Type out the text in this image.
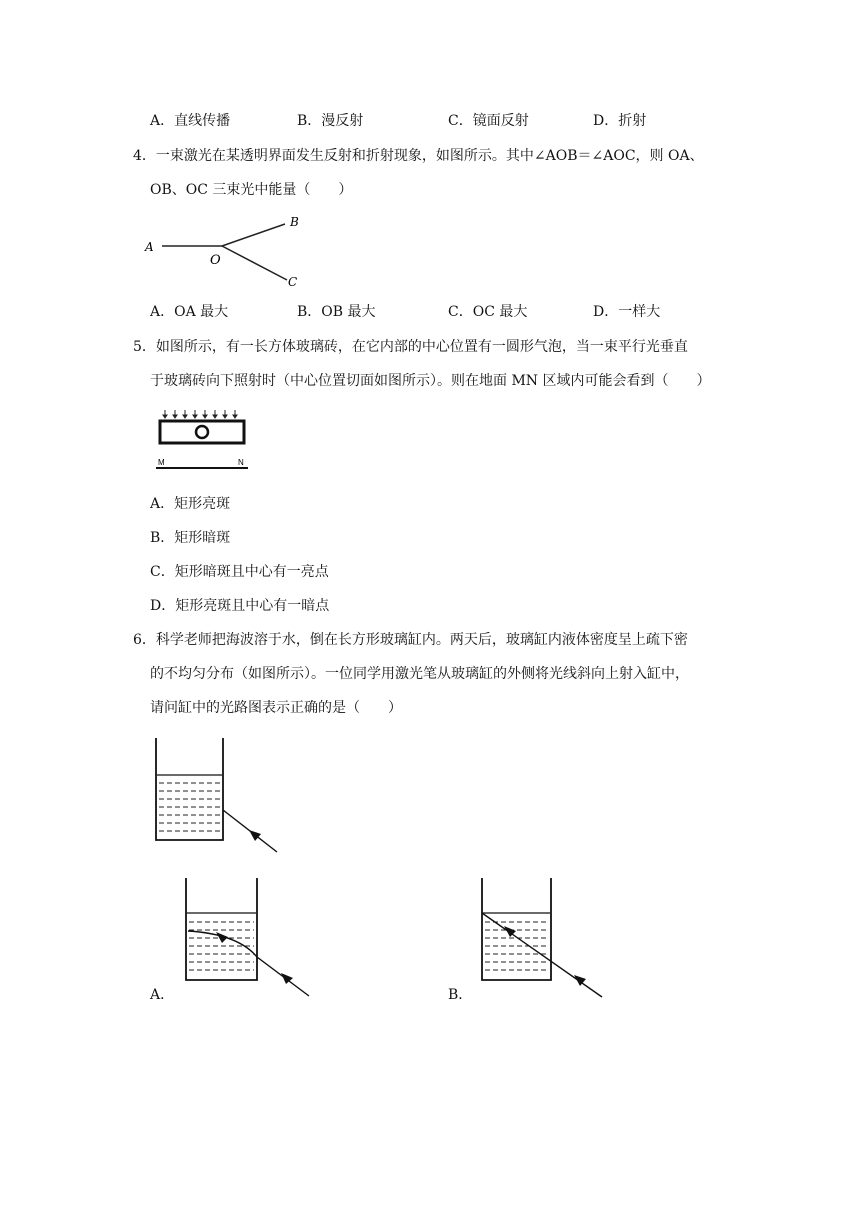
A．直线传播	B．漫反射	C．镜面反射	D．折射
4．一束激光在某透明界面发生反射和折射现象，如图所示。其中∠AOB＝∠AOC，则 OA、
OB、OC 三束光中能量（　　）
A
O
B
C
A．OA 最大	B．OB 最大	C．OC 最大	D．一样大
5．如图所示，有一长方体玻璃砖，在它内部的中心位置有一圆形气泡，当一束平行光垂直
于玻璃砖向下照射时（中心位置切面如图所示）。则在地面 MN 区域内可能会看到（　　）
M	N
A．矩形亮斑
B．矩形暗斑
C．矩形暗斑且中心有一亮点
D．矩形亮斑且中心有一暗点
6．科学老师把海波溶于水，倒在长方形玻璃缸内。两天后，玻璃缸内液体密度呈上疏下密
的不均匀分布（如图所示）。一位同学用激光笔从玻璃缸的外侧将光线斜向上射入缸中，
请问缸中的光路图表示正确的是（　　）
A．	B．
